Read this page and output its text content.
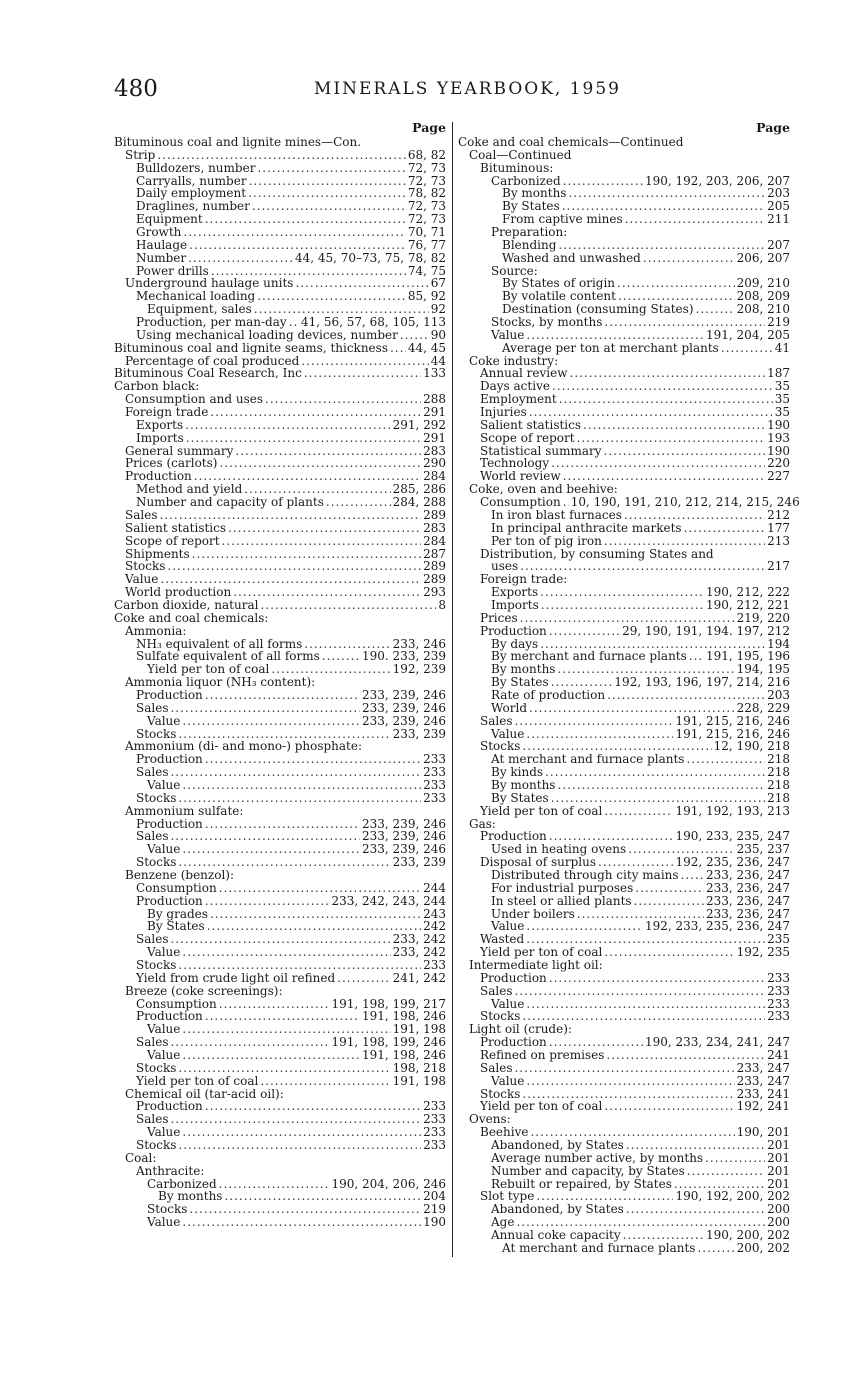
480	MINERALS YEARBOOK, 1959
Page
Bituminous coal and lignite mines—Con.
Strip .....	68, 82
Bulldozers, number .....	72, 73
Carryalls, number .....	72, 73
Daily employment .....	78, 82
Draglines, number .....	72, 73
Equipment .....	72, 73
Growth .....	70, 71
Haulage .....	76, 77
Number .....	44, 45, 70–73, 75, 78, 82
Power drills .....	74, 75
Underground haulage units .....	67
Mechanical loading .....	85, 92
Equipment, sales .....	92
Production, per man-day ..... 41, 56, 57, 68, 105, 113
Using mechanical loading devices, number .....	90
Bituminous coal and lignite seams, thickness ..... 44, 45
Percentage of coal produced .....	44
Bituminous Coal Research, Inc .....	133
Carbon black:
Consumption and uses .....	288
Foreign trade .....	291
Exports .....	291, 292
Imports .....	291
General summary .....	283
Prices (carlots) .....	290
Production .....	284
Method and yield .....	285, 286
Number and capacity of plants .....	284, 288
Sales .....	289
Salient statistics .....	283
Scope of report .....	284
Shipments .....	287
Stocks .....	289
Value .....	289
World production .....	293
Carbon dioxide, natural .....	8
Coke and coal chemicals:
Ammonia:
NH₃ equivalent of all forms .....	233, 246
Sulfate equivalent of all forms .....	190. 233, 239
Yield per ton of coal .....	192, 239
Ammonia liquor (NH₃ content):
Production .....	233, 239, 246
Sales .....	233, 239, 246
Value .....	233, 239, 246
Stocks .....	233, 239
Ammonium (di- and mono-) phosphate:
Production .....	233
Sales .....	233
Value .....	233
Stocks .....	233
Ammonium sulfate:
Production .....	233, 239, 246
Sales .....	233, 239, 246
Value .....	233, 239, 246
Stocks .....	233, 239
Benzene (benzol):
Consumption .....	244
Production .....	233, 242, 243, 244
By grades .....	243
By States .....	242
Sales .....	233, 242
Value .....	233, 242
Stocks .....	233
Yield from crude light oil refined .....	241, 242
Breeze (coke screenings):
Consumption .....	191, 198, 199, 217
Production .....	191, 198, 246
Value .....	191, 198
Sales .....	191, 198, 199, 246
Value .....	191, 198, 246
Stocks .....	198, 218
Yield per ton of coal .....	191, 198
Chemical oil (tar-acid oil):
Production .....	233
Sales .....	233
Value .....	233
Stocks .....	233
Coal:
Anthracite:
Carbonized .....	190, 204, 206, 246
By months .....	204
Stocks .....	219
Value .....	190
Page
Coke and coal chemicals—Continued
Coal—Continued
Bituminous:
Carbonized .....	190, 192, 203, 206, 207
By months .....	203
By States .....	205
From captive mines .....	211
Preparation:
Blending .....	207
Washed and unwashed .....	206, 207
Source:
By States of origin .....	209, 210
By volatile content .....	208, 209
Destination (consuming States) .....	208, 210
Stocks, by months .....	219
Value .....	191, 204, 205
Average per ton at merchant plants .....	41
Coke industry:
Annual review .....	187
Days active .....	35
Employment .....	35
Injuries .....	35
Salient statistics .....	190
Scope of report .....	193
Statistical summary .....	190
Technology .....	220
World review .....	227
Coke, oven and beehive:
Consumption ..... 10, 190, 191, 210, 212, 214, 215, 246
In iron blast furnaces .....	212
In principal anthracite markets .....	177
Per ton of pig iron .....	213
Distribution, by consuming States and
uses .....	217
Foreign trade:
Exports .....	190, 212, 222
Imports .....	190, 212, 221
Prices .....	219, 220
Production .....	29, 190, 191, 194. 197, 212
By days .....	194
By merchant and furnace plants ..... 191, 195, 196
By months .....	194, 195
By States .....	192, 193, 196, 197, 214, 216
Rate of production .....	203
World .....	228, 229
Sales .....	191, 215, 216, 246
Value .....	191, 215, 216, 246
Stocks .....	12, 190, 218
At merchant and furnace plants .....	218
By kinds .....	218
By months .....	218
By States .....	218
Yield per ton of coal .....	191, 192, 193, 213
Gas:
Production .....	190, 233, 235, 247
Used in heating ovens .....	235, 237
Disposal of surplus .....	192, 235, 236, 247
Distributed through city mains ..... 233, 236, 247
For industrial purposes .....	233, 236, 247
In steel or allied plants .....	233, 236, 247
Under boilers .....	233, 236, 247
Value .....	192, 233, 235, 236, 247
Wasted .....	235
Yield per ton of coal .....	192, 235
Intermediate light oil:
Production .....	233
Sales .....	233
Value .....	233
Stocks .....	233
Light oil (crude):
Production .....	190, 233, 234, 241, 247
Refined on premises .....	241
Sales .....	233, 247
Value .....	233, 247
Stocks .....	233, 241
Yield per ton of coal .....	192, 241
Ovens:
Beehive .....	190, 201
Abandoned, by States .....	201
Average number active, by months .....	201
Number and capacity, by States .....	201
Rebuilt or repaired, by States .....	201
Slot type .....	190, 192, 200, 202
Abandoned, by States .....	200
Age .....	200
Annual coke capacity .....	190, 200, 202
At merchant and furnace plants .....	200, 202
